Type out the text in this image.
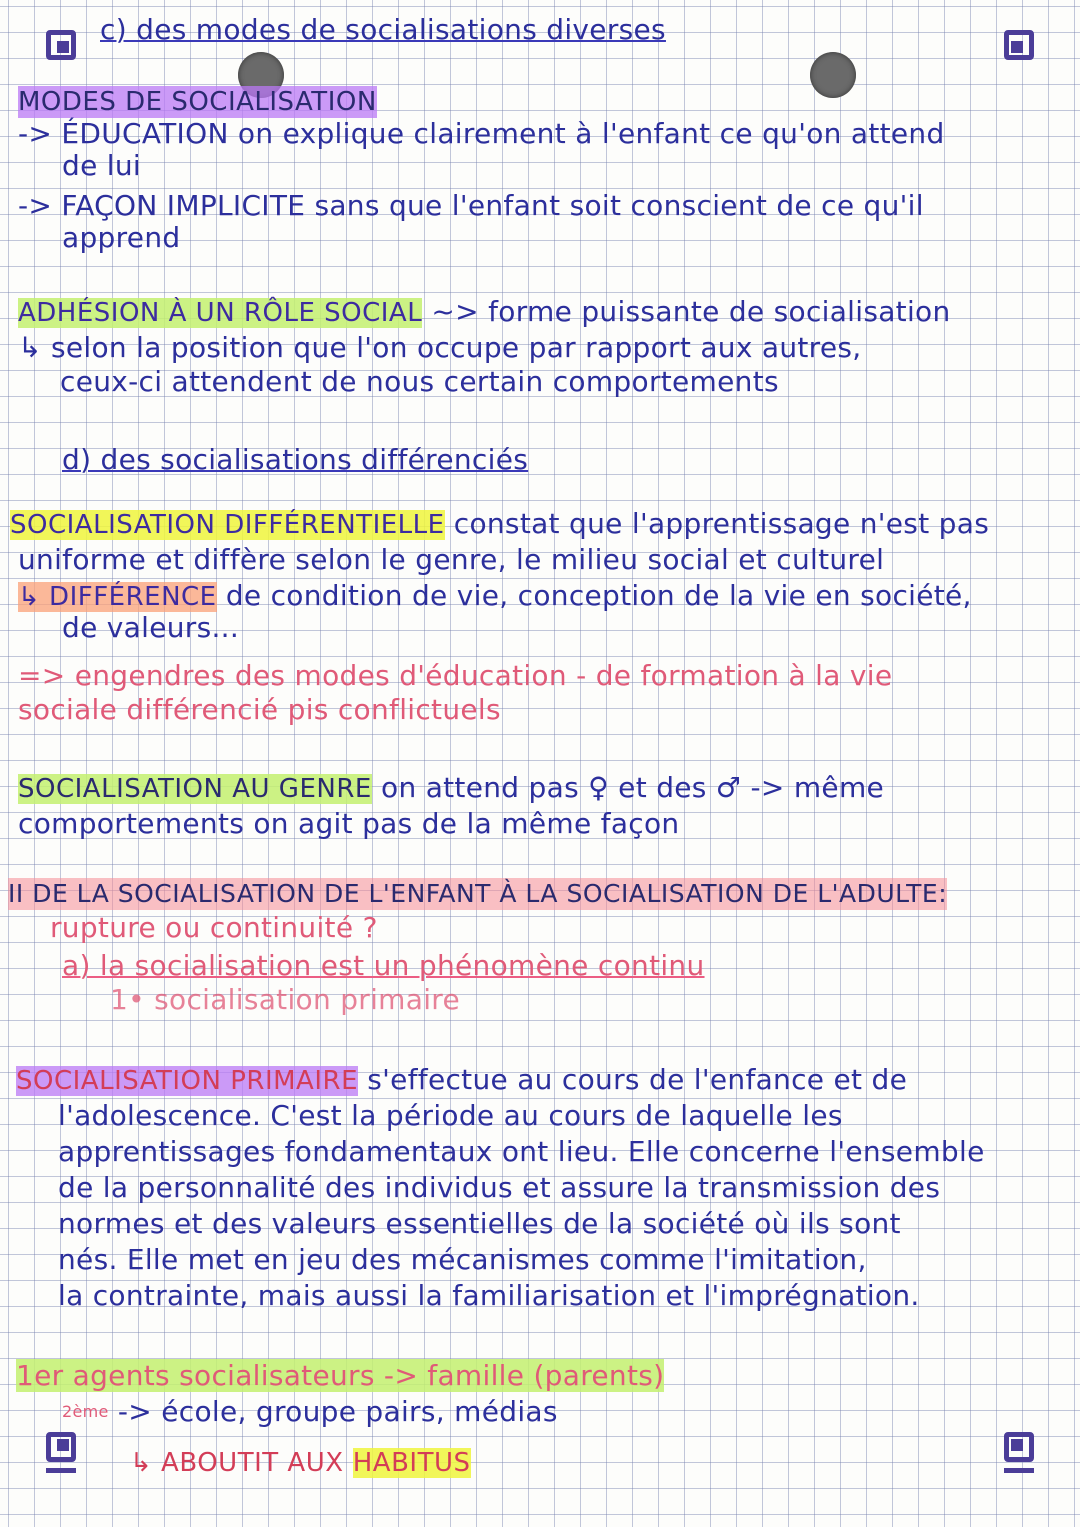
c) des modes de socialisations diverses
MODES DE SOCIALISATION
-> ÉDUCATION on explique clairement à l'enfant ce qu'on attend
de lui
-> FAÇON IMPLICITE sans que l'enfant soit conscient de ce qu'il
apprend
ADHÉSION À UN RÔLE SOCIAL ~> forme puissante de socialisation
↳ selon la position que l'on occupe par rapport aux autres,
ceux-ci attendent de nous certain comportements
d) des socialisations différenciés
SOCIALISATION DIFFÉRENTIELLE constat que l'apprentissage n'est pas
uniforme et diffère selon le genre, le milieu social et culturel
↳ DIFFÉRENCE de condition de vie, conception de la vie en société,
de valeurs...
=> engendres des modes d'éducation - de formation à la vie
sociale différencié pis conflictuels
SOCIALISATION AU GENRE on attend pas ♀ et des ♂ -> même
comportements on agit pas de la même façon
II DE LA SOCIALISATION DE L'ENFANT À LA SOCIALISATION DE L'ADULTE:
rupture ou continuité ?
a) la socialisation est un phénomène continu
1• socialisation primaire
SOCIALISATION PRIMAIRE s'effectue au cours de l'enfance et de
l'adolescence. C'est la période au cours de laquelle les
apprentissages fondamentaux ont lieu. Elle concerne l'ensemble
de la personnalité des individus et assure la transmission des
normes et des valeurs essentielles de la société où ils sont
nés. Elle met en jeu des mécanismes comme l'imitation,
la contrainte, mais aussi la familiarisation et l'imprégnation.
1er agents socialisateurs -> famille (parents)
$^{2ème}$ -> école, groupe pairs, médias
↳ ABOUTIT AUX HABITUS
